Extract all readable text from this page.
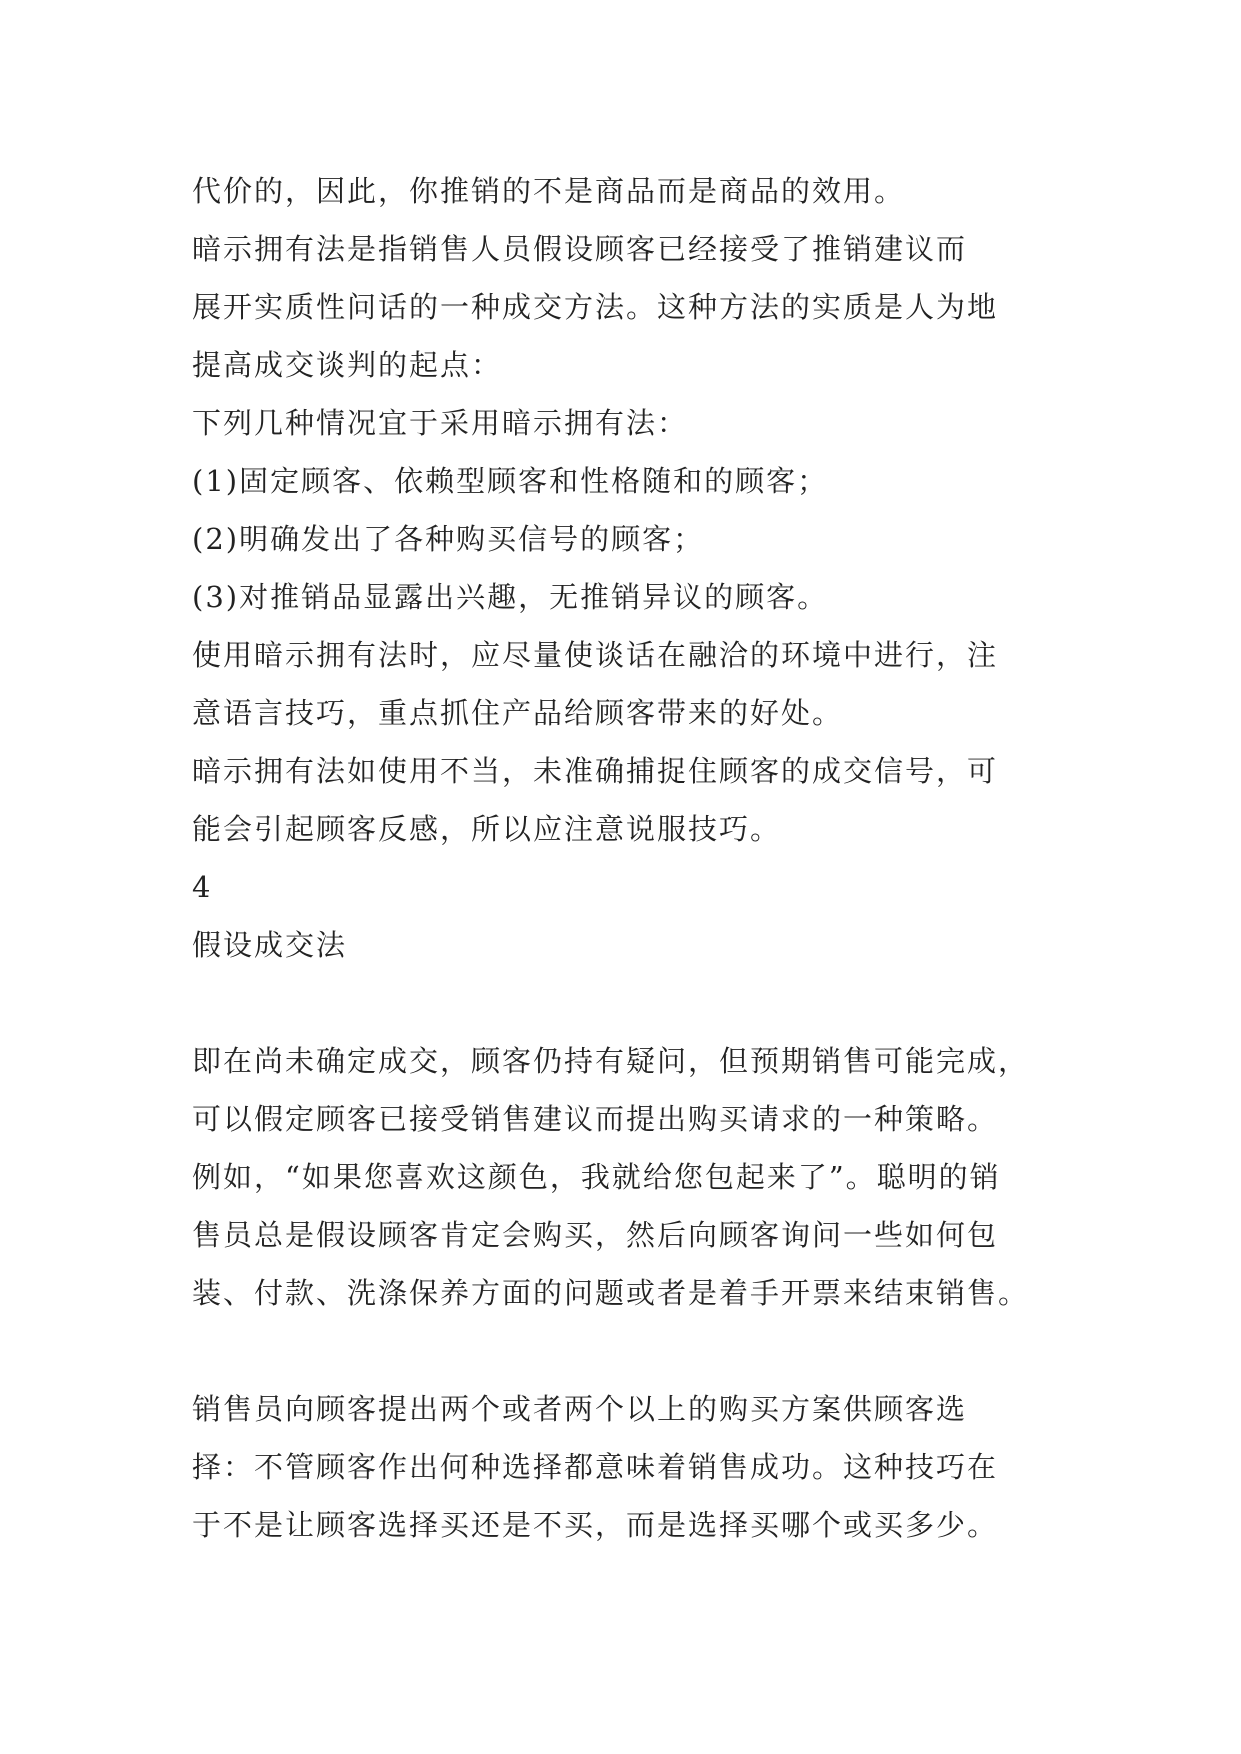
代价的，因此，你推销的不是商品而是商品的效用。
暗示拥有法是指销售人员假设顾客已经接受了推销建议而
展开实质性问话的一种成交方法。这种方法的实质是人为地
提高成交谈判的起点：
下列几种情况宜于采用暗示拥有法：
(1)固定顾客、依赖型顾客和性格随和的顾客；
(2)明确发出了各种购买信号的顾客；
(3)对推销品显露出兴趣，无推销异议的顾客。
使用暗示拥有法时，应尽量使谈话在融洽的环境中进行，注
意语言技巧，重点抓住产品给顾客带来的好处。
暗示拥有法如使用不当，未准确捕捉住顾客的成交信号，可
能会引起顾客反感，所以应注意说服技巧。
4
假设成交法
即在尚未确定成交，顾客仍持有疑问，但预期销售可能完成，
可以假定顾客已接受销售建议而提出购买请求的一种策略。
例如，“如果您喜欢这颜色，我就给您包起来了”。聪明的销
售员总是假设顾客肯定会购买，然后向顾客询问一些如何包
装、付款、洗涤保养方面的问题或者是着手开票来结束销售。
销售员向顾客提出两个或者两个以上的购买方案供顾客选
择：不管顾客作出何种选择都意味着销售成功。这种技巧在
于不是让顾客选择买还是不买，而是选择买哪个或买多少。
